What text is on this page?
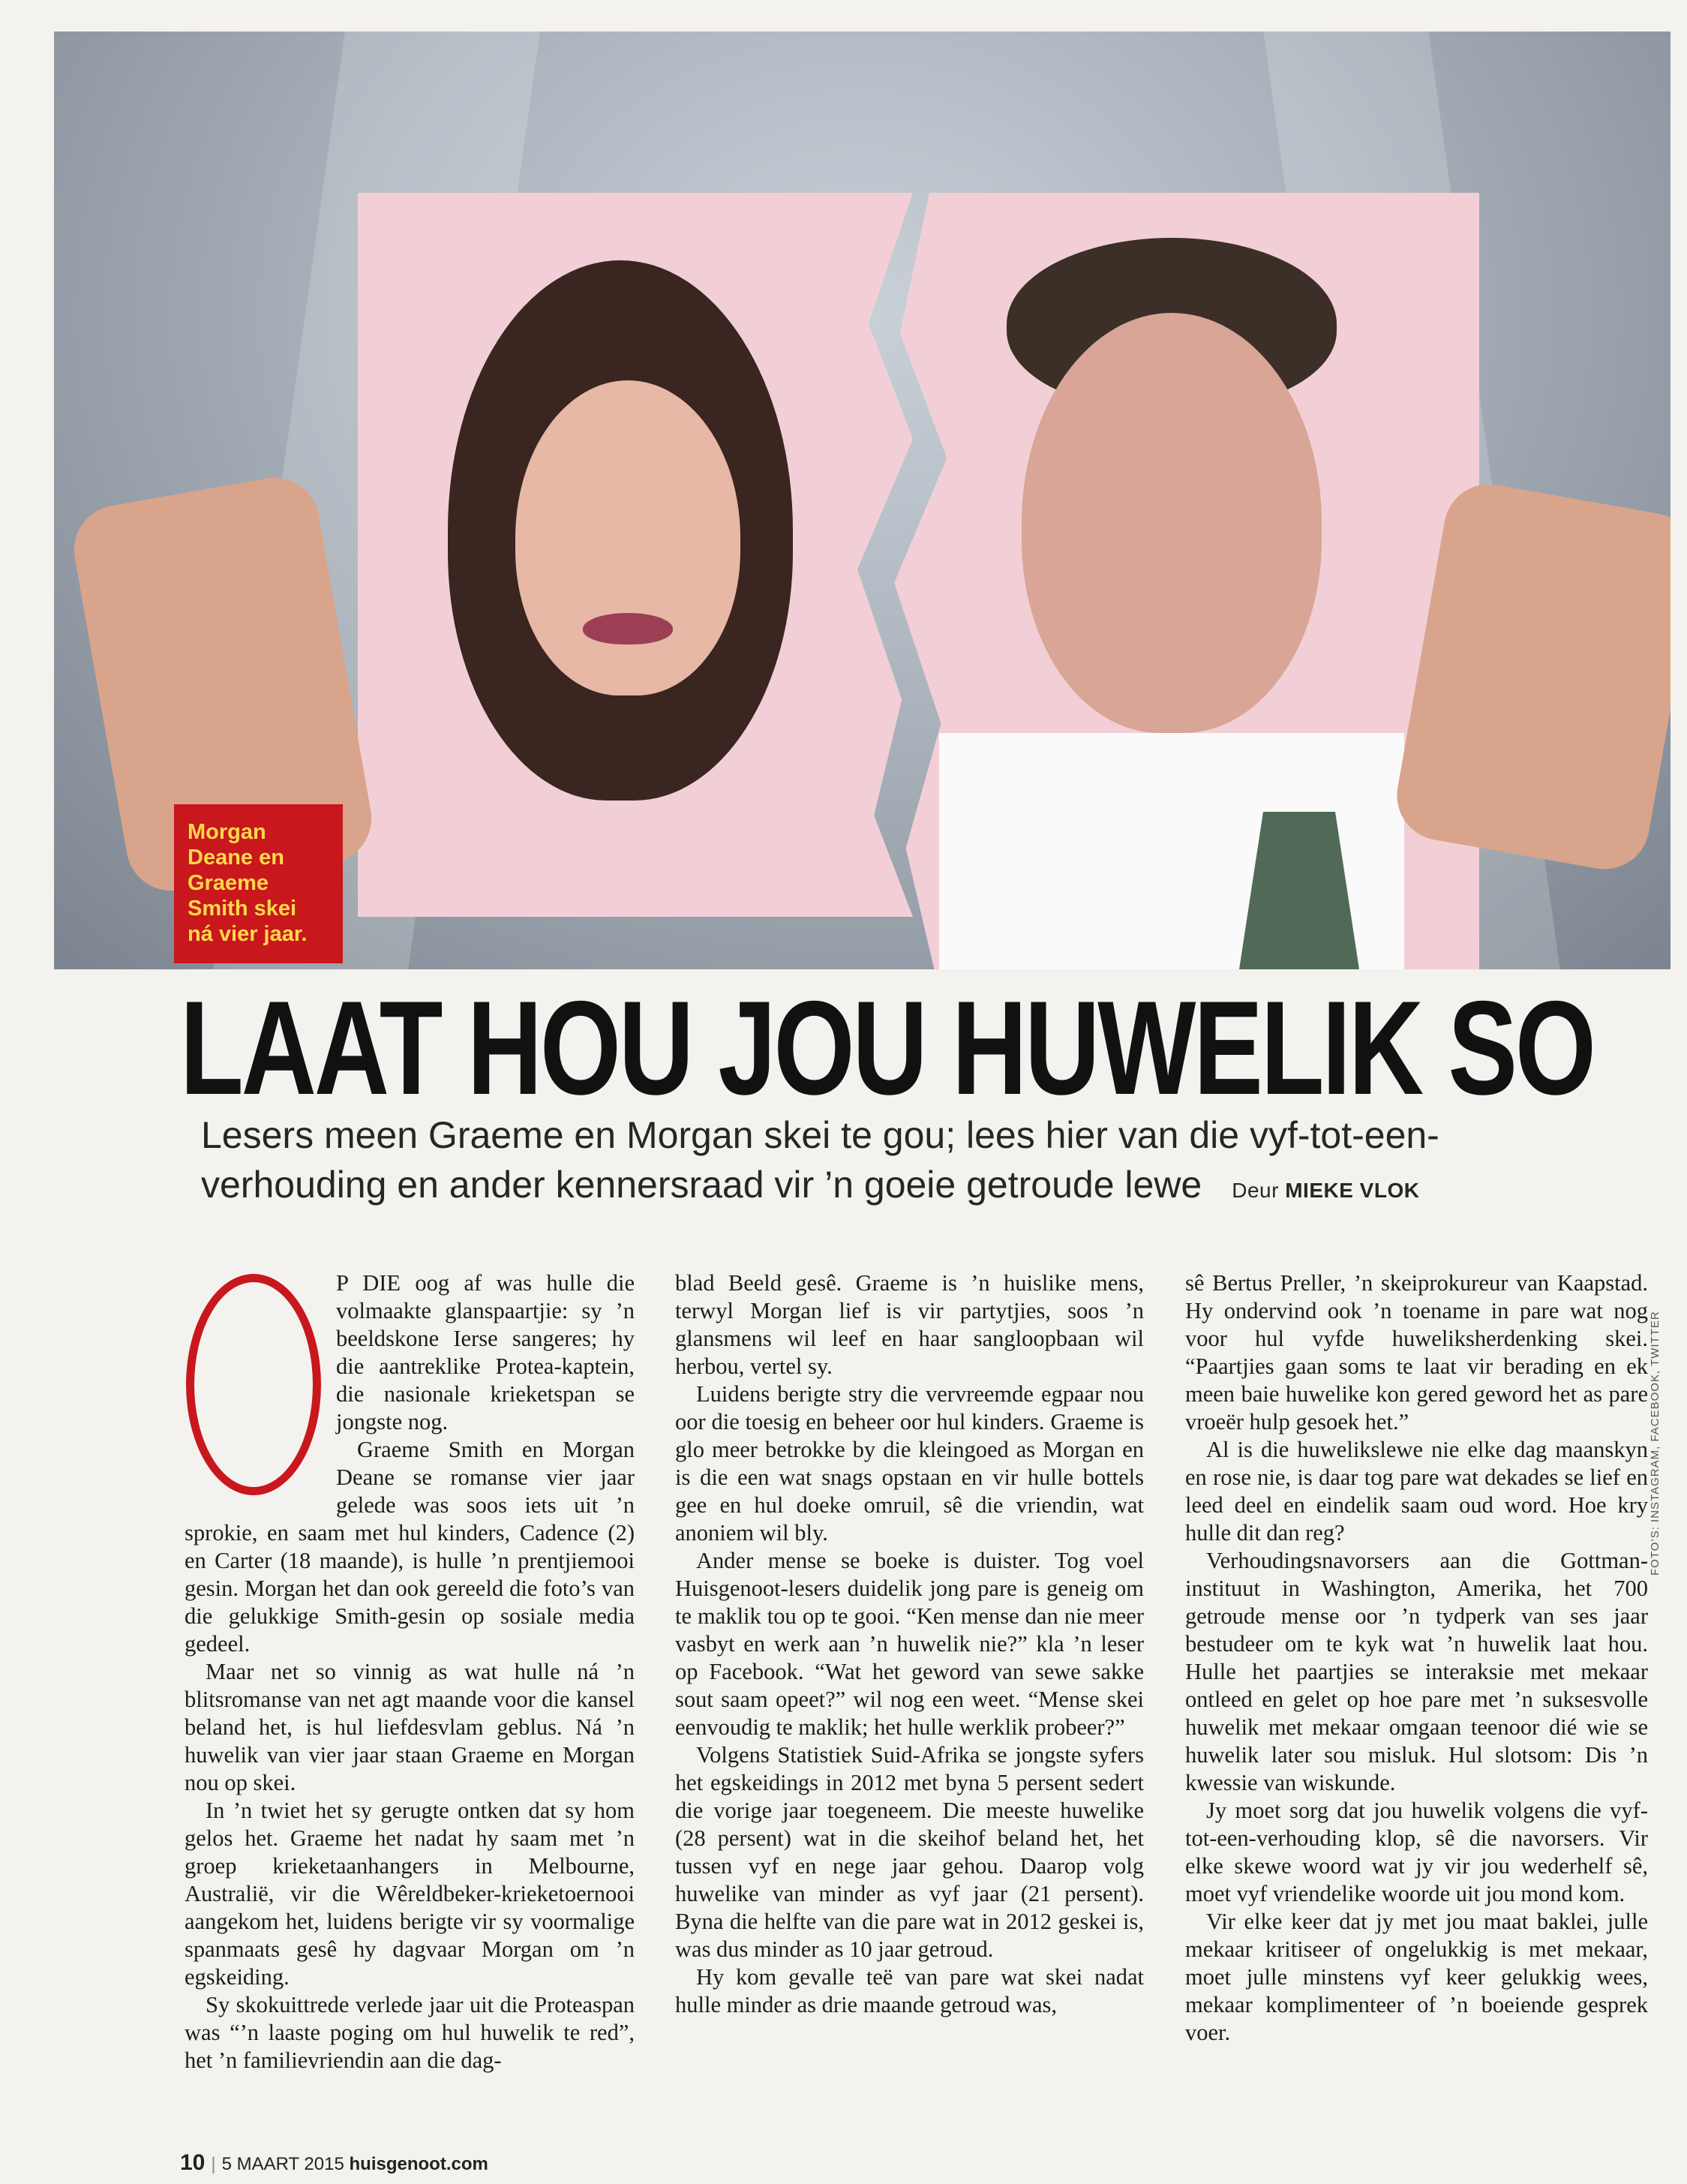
Morgan
Deane en
Graeme
Smith skei
ná vier jaar.
LAAT HOU JOU HUWELIK SO
Lesers meen Graeme en Morgan skei te gou; lees hier van die vyf-tot-een-
verhouding en ander kennersraad vir ’n goeie getroude lewe Deur MIEKE VLOK

P DIE oog af was hulle die volmaakte glanspaartjie: sy ’n beeldskone Ierse sangeres; hy die aantreklike Protea-kaptein, die nasionale krieketspan se jongste nog.

Graeme Smith en Morgan Deane se romanse vier jaar gelede was soos iets uit ’n sprokie, en saam met hul kinders, Cadence (2) en Carter (18 maande), is hulle ’n prentjiemooi gesin. Morgan het dan ook gereeld die foto’s van die gelukkige Smith-gesin op sosiale media gedeel.

Maar net so vinnig as wat hulle ná ’n blitsromanse van net agt maande voor die kansel beland het, is hul liefdesvlam geblus. Ná ’n huwelik van vier jaar staan Graeme en Morgan nou op skei.

In ’n twiet het sy gerugte ontken dat sy hom gelos het. Graeme het nadat hy saam met ’n groep krieketaanhangers in Melbourne, Australië, vir die Wêreldbeker-krieketoernooi aangekom het, luidens berigte vir sy voormalige spanmaats gesê hy dagvaar Morgan om ’n egskeiding.

Sy skokuittrede verlede jaar uit die Proteaspan was “’n laaste poging om hul huwelik te red”, het ’n familievriendin aan die dag-

blad Beeld gesê. Graeme is ’n huislike mens, terwyl Morgan lief is vir partytjies, soos ’n glansmens wil leef en haar sangloopbaan wil herbou, vertel sy.

Luidens berigte stry die vervreemde egpaar nou oor die toesig en beheer oor hul kinders. Graeme is glo meer betrokke by die kleingoed as Morgan en is die een wat snags opstaan en vir hulle bottels gee en hul doeke omruil, sê die vriendin, wat anoniem wil bly.

Ander mense se boeke is duister. Tog voel Huisgenoot-lesers duidelik jong pare is geneig om te maklik tou op te gooi. “Ken mense dan nie meer vasbyt en werk aan ’n huwelik nie?” kla ’n leser op Facebook. “Wat het geword van sewe sakke sout saam opeet?” wil nog een weet. “Mense skei eenvoudig te maklik; het hulle werklik probeer?”

Volgens Statistiek Suid-Afrika se jongste syfers het egskeidings in 2012 met byna 5 persent sedert die vorige jaar toegeneem. Die meeste huwelike (28 persent) wat in die skeihof beland het, het tussen vyf en nege jaar gehou. Daarop volg huwelike van minder as vyf jaar (21 persent). Byna die helfte van die pare wat in 2012 geskei is, was dus minder as 10 jaar getroud.

Hy kom gevalle teë van pare wat skei nadat hulle minder as drie maande getroud was,

sê Bertus Preller, ’n skeiprokureur van Kaapstad. Hy ondervind ook ’n toename in pare wat nog voor hul vyfde huweliksherdenking skei. “Paartjies gaan soms te laat vir berading en ek meen baie huwelike kon gered geword het as pare vroeër hulp gesoek het.”

Al is die huwelikslewe nie elke dag maanskyn en rose nie, is daar tog pare wat dekades se lief en leed deel en eindelik saam oud word. Hoe kry hulle dit dan reg?

Verhoudingsnavorsers aan die Gottman-instituut in Washington, Amerika, het 700 getroude mense oor ’n tydperk van ses jaar bestudeer om te kyk wat ’n huwelik laat hou. Hulle het paartjies se interaksie met mekaar ontleed en gelet op hoe pare met ’n suksesvolle huwelik met mekaar omgaan teenoor dié wie se huwelik later sou misluk. Hul slotsom: Dis ’n kwessie van wiskunde.

Jy moet sorg dat jou huwelik volgens die vyf-tot-een-verhouding klop, sê die navorsers. Vir elke skewe woord wat jy vir jou wederhelf sê, moet vyf vriendelike woorde uit jou mond kom.

Vir elke keer dat jy met jou maat baklei, julle mekaar kritiseer of ongelukkig is met mekaar, moet julle minstens vyf keer gelukkig wees, mekaar komplimenteer of ’n boeiende gesprek voer.

FOTO’S: INSTAGRAM, FACEBOOK, TWITTER
10 | 5 MAART 2015 huisgenoot.com
